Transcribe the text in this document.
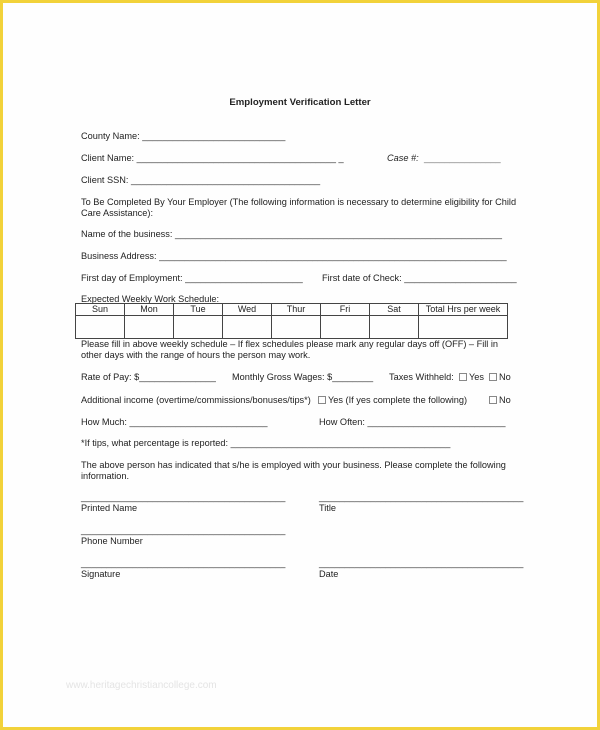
Employment Verification Letter
County Name: ____________________________
Client Name: _______________________________________ _	Case #: _______________
Client SSN: _____________________________________
To Be Completed By Your Employer (The following information is necessary to determine eligibility for Child Care Assistance):
Name of the business: ________________________________________________________________
Business Address: ____________________________________________________________________
First day of Employment: _______________________ First date of Check: ______________________
Expected Weekly Work Schedule:
Sun	Mon	Tue	Wed	Thur	Fri	Sat	Total Hrs per week

Please fill in above weekly schedule – If flex schedules please mark any regular days off (OFF) – Fill in other days with the range of hours the person may work.
Rate of Pay: $_______________ Monthly Gross Wages: $________ Taxes Withheld:	Yes	No
Additional income (overtime/commissions/bonuses/tips*)	Yes (If yes complete the following)	No
How Much: ___________________________	How Often: ___________________________
*If tips, what percentage is reported: ___________________________________________
The above person has indicated that s/he is employed with your business. Please complete the following information.
________________________________________
Printed Name
________________________________________
Title
________________________________________
Phone Number
________________________________________
Signature
________________________________________
Date
www.heritagechristiancollege.com
